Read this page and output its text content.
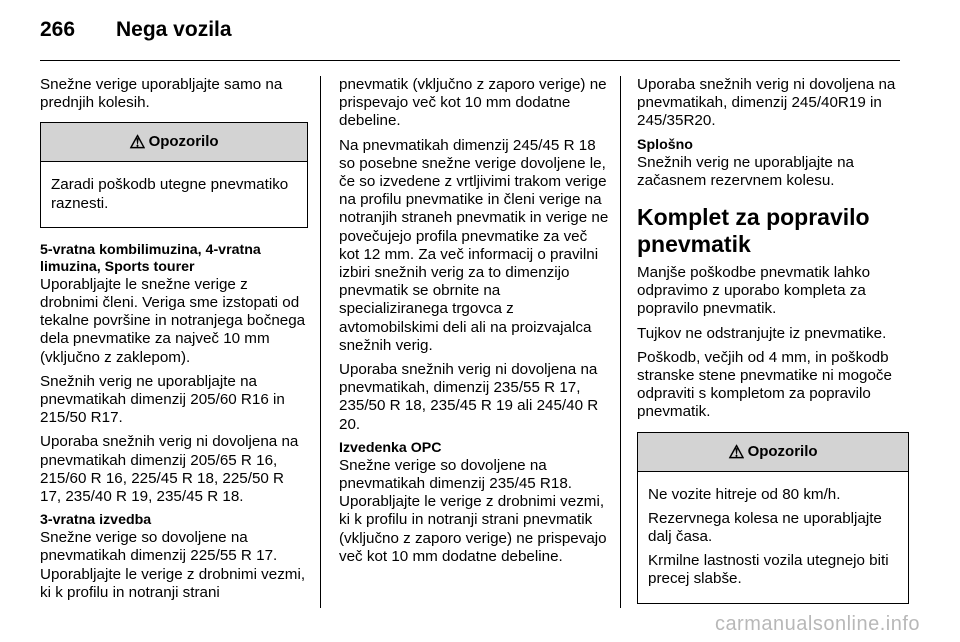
266	Nega vozila

Snežne verige uporabljajte samo na prednjih kolesih.

⚠ Opozorilo

Zaradi poškodb utegne pnevmatiko raznesti.

5-vratna kombilimuzina, 4-vratna limuzina, Sports tourer

Uporabljajte le snežne verige z drobnimi členi. Veriga sme izstopati od tekalne površine in notranjega bočnega dela pnevmatike za največ 10 mm (vključno z zaklepom).

Snežnih verig ne uporabljajte na pnevmatikah dimenzij 205/60 R16 in 215/50 R17.

Uporaba snežnih verig ni dovoljena na pnevmatikah dimenzij 205/65 R 16, 215/60 R 16, 225/45 R 18, 225/50 R 17, 235/40 R 19, 235/45 R 18.

3-vratna izvedba

Snežne verige so dovoljene na pnevmatikah dimenzij 225/55 R 17. Uporabljajte le verige z drobnimi vezmi, ki k profilu in notranji strani

pnevmatik (vključno z zaporo verige) ne prispevajo več kot 10 mm dodatne debeline.

Na pnevmatikah dimenzij 245/45 R 18 so posebne snežne verige dovoljene le, če so izvedene z vrtljivimi trakom verige na profilu pnevmatike in členi verige na notranjih straneh pnevmatik in verige ne povečujejo profila pnevmatike za več kot 12 mm. Za več informacij o pravilni izbiri snežnih verig za to dimenzijo pnevmatik se obrnite na specializiranega trgovca z avtomobilskimi deli ali na proizvajalca snežnih verig.

Uporaba snežnih verig ni dovoljena na pnevmatikah, dimenzij 235/55 R 17, 235/50 R 18, 235/45 R 19 ali 245/40 R 20.

Izvedenka OPC

Snežne verige so dovoljene na pnevmatikah dimenzij 235/45 R18. Uporabljajte le verige z drobnimi vezmi, ki k profilu in notranji strani pnevmatik (vključno z zaporo verige) ne prispevajo več kot 10 mm dodatne debeline.

Uporaba snežnih verig ni dovoljena na pnevmatikah, dimenzij 245/40R19 in 245/35R20.

Splošno

Snežnih verig ne uporabljajte na začasnem rezervnem kolesu.

Komplet za popravilo pnevmatik

Manjše poškodbe pnevmatik lahko odpravimo z uporabo kompleta za popravilo pnevmatik.

Tujkov ne odstranjujte iz pnevmatike.

Poškodb, večjih od 4 mm, in poškodb stranske stene pnevmatike ni mogoče odpraviti s kompletom za popravilo pnevmatik.

⚠ Opozorilo

Ne vozite hitreje od 80 km/h.

Rezervnega kolesa ne uporabljajte dalj časa.

Krmilne lastnosti vozila utegnejo biti precej slabše.

carmanualsonline.info
